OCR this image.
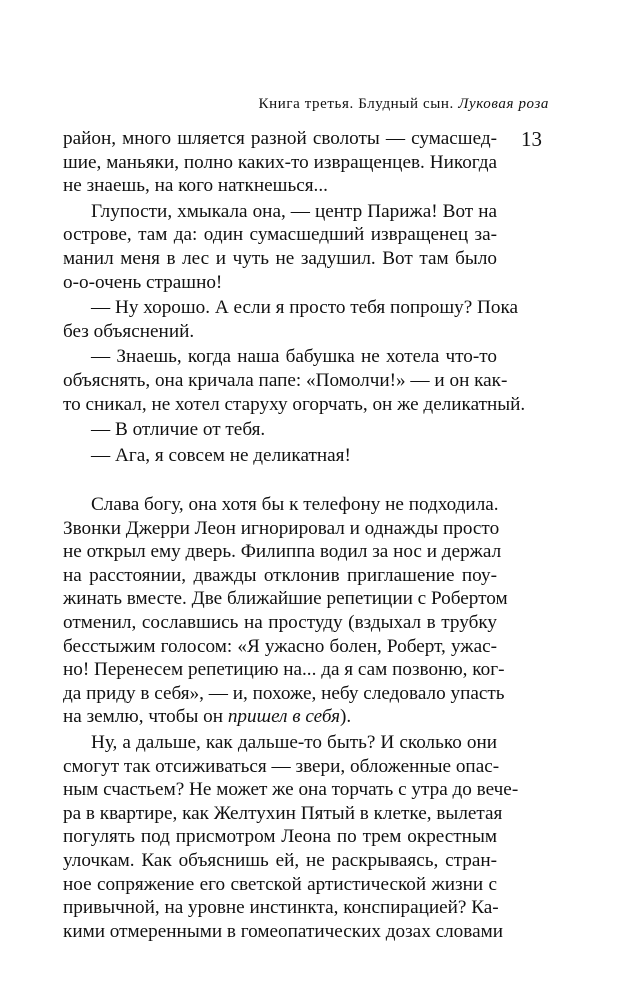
Книга третья. Блудный сын. Луковая роза
13
район, много шляется разной сволоты — сумасшед-
шие, маньяки, полно каких-то извращенцев. Никогда
не знаешь, на кого наткнешься...
Глупости, хмыкала она, — центр Парижа! Вот на
острове, там да: один сумасшедший извращенец за-
манил меня в лес и чуть не задушил. Вот там было
о-о-очень страшно!
— Ну хорошо. А если я просто тебя попрошу? Пока
без объяснений.
— Знаешь, когда наша бабушка не хотела что-то
объяснять, она кричала папе: «Помолчи!» — и он как-
то сникал, не хотел старуху огорчать, он же деликатный.
— В отличие от тебя.
— Ага, я совсем не деликатная!
Слава богу, она хотя бы к телефону не подходила.
Звонки Джерри Леон игнорировал и однажды просто
не открыл ему дверь. Филиппа водил за нос и держал
на расстоянии, дважды отклонив приглашение поу-
жинать вместе. Две ближайшие репетиции с Робертом
отменил, сославшись на простуду (вздыхал в трубку
бесстыжим голосом: «Я ужасно болен, Роберт, ужас-
но! Перенесем репетицию на... да я сам позвоню, ког-
да приду в себя», — и, похоже, небу следовало упасть
на землю, чтобы он пришел в себя).
Ну, а дальше, как дальше-то быть? И сколько они
смогут так отсиживаться — звери, обложенные опас-
ным счастьем? Не может же она торчать с утра до вече-
ра в квартире, как Желтухин Пятый в клетке, вылетая
погулять под присмотром Леона по трем окрестным
улочкам. Как объяснишь ей, не раскрываясь, стран-
ное сопряжение его светской артистической жизни с
привычной, на уровне инстинкта, конспирацией? Ка-
кими отмеренными в гомеопатических дозах словами
